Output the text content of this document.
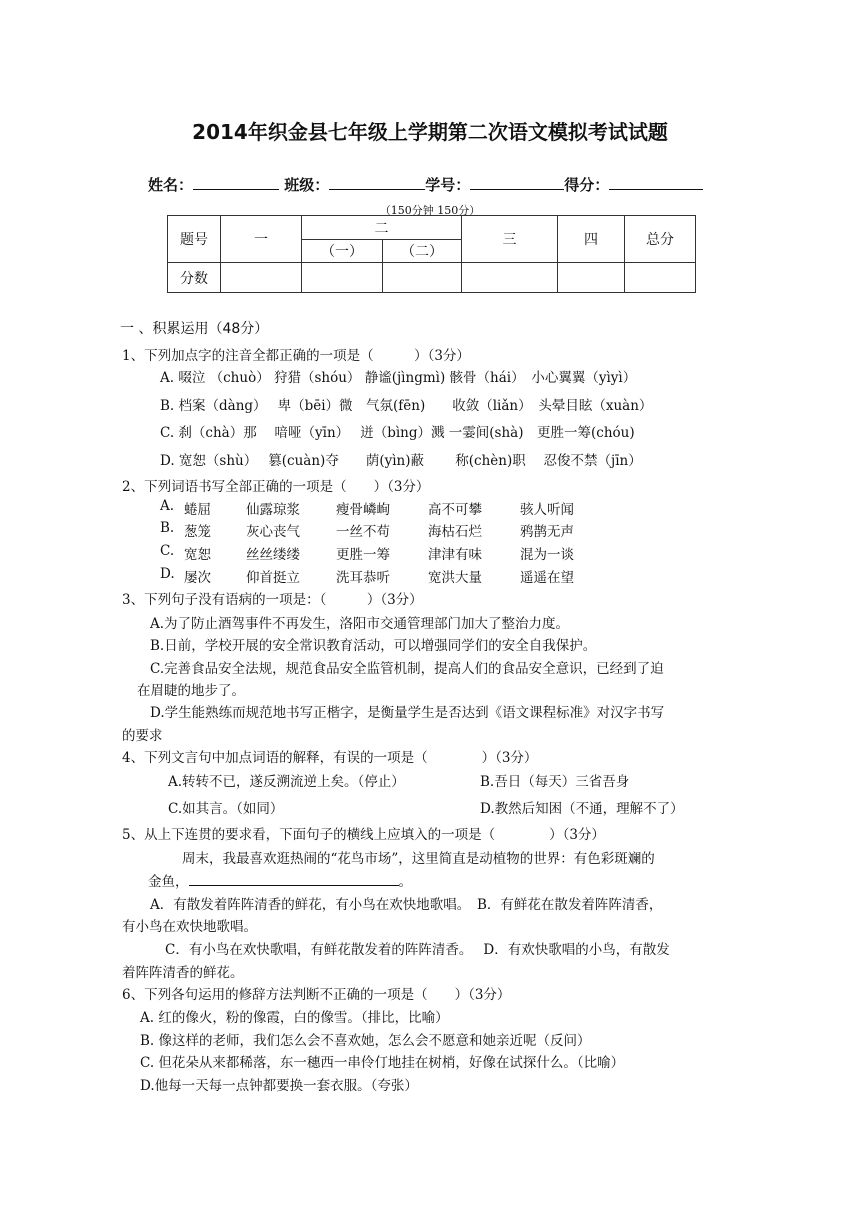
2014年织金县七年级上学期第二次语文模拟考试试题
姓名：	班级：	学号：	得分：
（150分钟 150分）
题号	一	二		三	四	总分
		（一）	（二）			
分数						
一 、积累运用（48分）
1、下列加点字的注音全都正确的一项是（　　　）（3分）
A. 啜泣 （chuò） 狩猎（shóu） 静谧(jìngmì) 骸骨（hái）　小心翼翼（yìyì）
B. 档案（dàng）　 卑（bēi）微　气氛(fēn)　　收敛（liǎn）　头晕目眩（xuàn）
C. 刹（chà）那　 喑哑（yīn）　 迸（bìng）溅 一霎间(shà)　更胜一筹(chóu)
D. 宽恕（shù）　 篡(cuàn)夺　　荫(yìn)蔽　　 称(chèn)职　 忍俊不禁（jīn）
2、下列词语书写全部正确的一项是（　　）（3分）
A. 蜷屈	仙露琼浆	瘦骨嶙峋	高不可攀	骇人听闻
B. 葱笼	灰心丧气	一丝不苟	海枯石烂	鸦鹊无声
C. 宽恕	丝丝缕缕	更胜一筹	津津有味	混为一谈
D. 屡次	仰首挺立	洗耳恭听	宽洪大量	遥遥在望
3、下列句子没有语病的一项是：（　　　）（3分）
A.为了防止酒驾事件不再发生，洛阳市交通管理部门加大了整治力度。
B.日前，学校开展的安全常识教育活动，可以增强同学们的安全自我保护。
C.完善食品安全法规，规范食品安全监管机制，提高人们的食品安全意识，已经到了迫
在眉睫的地步了。
D.学生能熟练而规范地书写正楷字，是衡量学生是否达到《语文课程标准》对汉字书写
的要求
4、下列文言句中加点词语的解释，有误的一项是（　　　　）（3分）
A.转转不已，遂反溯流逆上矣。（停止）	B.吾日（每天）三省吾身
C.如其言。（如同）	D.教然后知困（不通，理解不了）
5、从上下连贯的要求看，下面句子的横线上应填入的一项是（　　　　）（3分）
周末，我最喜欢逛热闹的“花鸟市场”，这里简直是动植物的世界：有色彩斑斓的
金鱼，	。
A．有散发着阵阵清香的鲜花，有小鸟在欢快地歌唱。　B．有鲜花在散发着阵阵清香，
有小鸟在欢快地歌唱。
C．有小鸟在欢快歌唱，有鲜花散发着的阵阵清香。　 D．有欢快歌唱的小鸟，有散发
着阵阵清香的鲜花。
6、下列各句运用的修辞方法判断不正确的一项是（　　）（3分）
A. 红的像火，粉的像霞，白的像雪。（排比，比喻）
B. 像这样的老师，我们怎么会不喜欢她，怎么会不愿意和她亲近呢（反问）
C. 但花朵从来都稀落，东一穗西一串伶仃地挂在树梢，好像在试探什么。（比喻）
D.他每一天每一点钟都要换一套衣服。（夸张）
